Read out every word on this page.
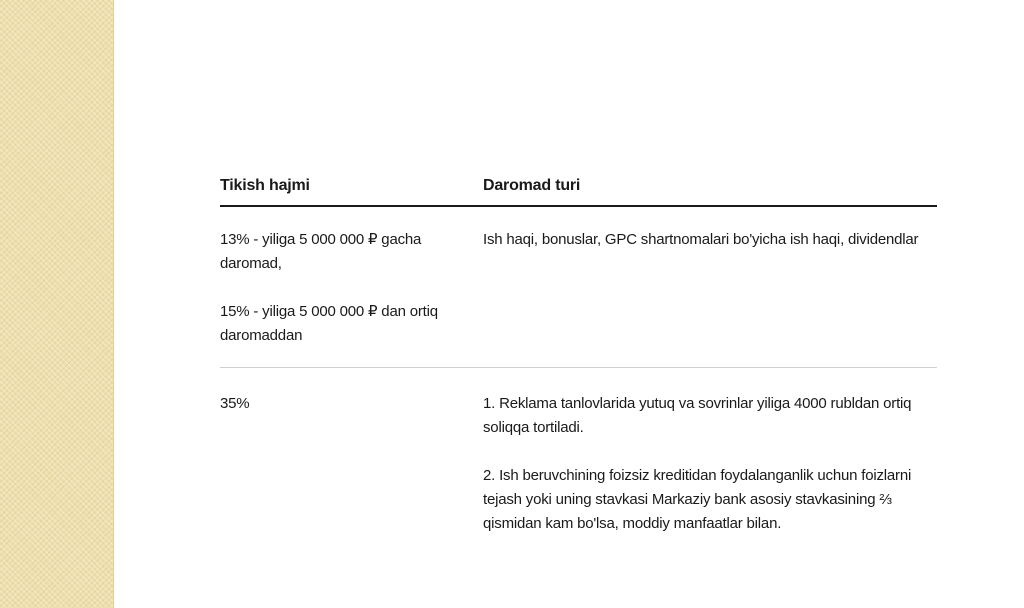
Tikish hajmi	Daromad turi

13% - yiliga 5 000 000 ₽ gacha daromad,

15% - yiliga 5 000 000 ₽ dan ortiq daromaddan

Ish haqi, bonuslar, GPC shartnomalari bo'yicha ish haqi, dividendlar

35%	1. Reklama tanlovlarida yutuq va sovrinlar yiliga 4000 rubldan ortiq soliqqa tortiladi.

2. Ish beruvchining foizsiz kreditidan foydalanganlik uchun foizlarni tejash yoki uning stavkasi Markaziy bank asosiy stavkasining ⅔ qismidan kam bo'lsa, moddiy manfaatlar bilan.
